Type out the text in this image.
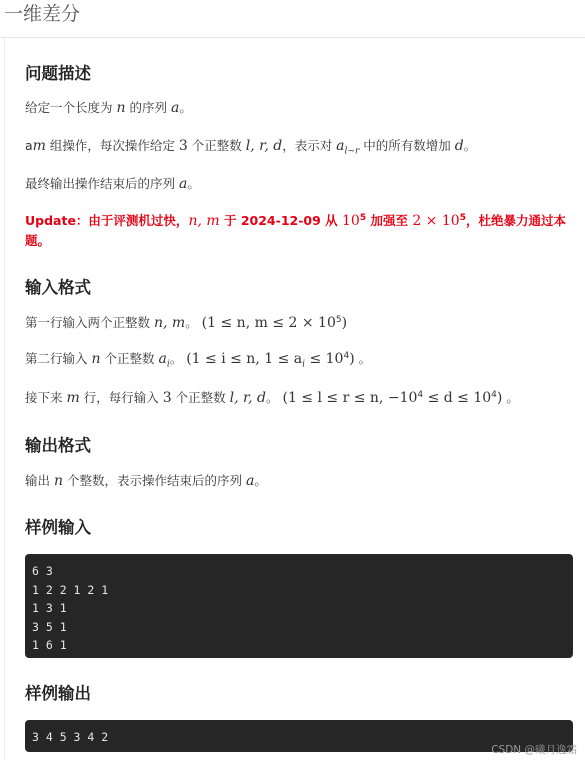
一维差分
问题描述

给定一个长度为 n 的序列 a。

am 组操作，每次操作给定 3 个正整数 l, r, d，表示对 $a_{l\sim r}$ 中的所有数增加 d。

最终输出操作结束后的序列 a。

Update：由于评测机过快，n, m 于 2024-12-09 从 $10^5$ 加强至 $2 \times 10^5$，杜绝暴力通过本题。

输入格式

第一行输入两个正整数 n, m。 (1 ≤ n, $m \le 2 \times 10^5$)

第二行输入 n 个正整数 $a_i$。 (1 ≤ i ≤ n, $1 \le a_i \le 10^4$) 。

接下来 m 行，每行输入 3 个正整数 l, r, d。 (1 ≤ l ≤ r ≤ n, $-10^4 \le d \le 10^4$) 。

输出格式

输出 n 个整数，表示操作结束后的序列 a。

样例输入
6 3
1 2 2 1 2 1
1 3 1
3 5 1
1 6 1
样例输出
3 4 5 3 4 2
CSDN @曦月逸霜
